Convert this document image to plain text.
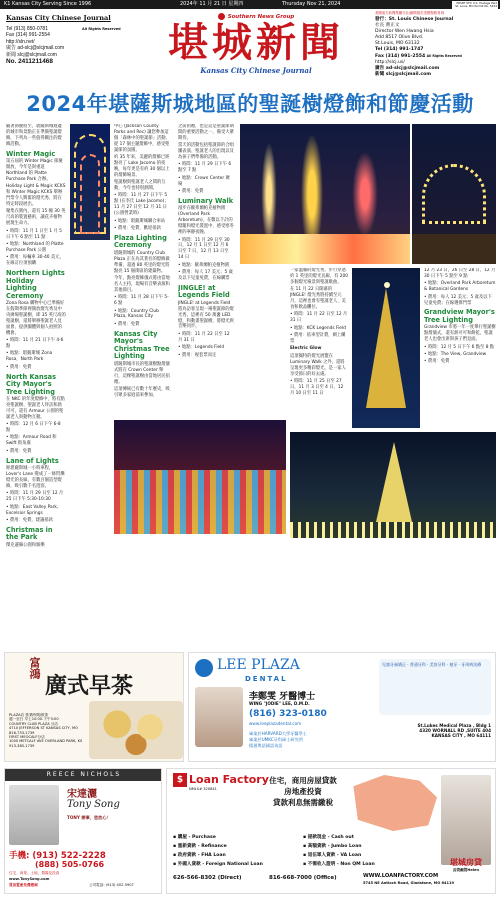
K1 Kansas City Serving Since 1996	2024年 11 月 21 日 星期四	Thursday Nov 21, 2024	PRSRT STD U.S. Postage Paid St. Louis, MO Permit No. 5434
Kansas City Chinese Journal
All Rights Reserved
Tel (913) 850-0781
Fax (314) 991-2554
http://sln.net/
廣告 ad-slcj@slcjmail.com
新聞 slcj@slcjmail.com
No. 2411211468
Southern News Group
堪城新聞
Kansas City Chinese Journal
美國南方新聞集團分社/網路版於美國聖路易城
發行：St. Louis Chinese Journal
社長 蔣正文
Director Wen Hwang Hsia
Add 8517 Olive Blvd.
St.Louis, MO 63132
Tel (314) 991-1747
Fax (314) 991-2554 All Rights Reserved
http://slcj.us/
廣告 ad-slcj@slcjmail.com
新聞 slcj@slcjmail.com
2024年堪薩斯城地區的聖誕樹燈飾和節慶活動

隨著節慶將至，堪薩斯城週邊的城市和景點正在準備聖誕燈飾，下列為一些值得關注的燈飾活動。

Winter Magic

第五屆的 Winter Magic 節慶開放，今年是與重返 Northland 的 Platte Purchase Park 合辦。

Holiday Light & Magic KCKS 和 Winter Magic KCKS 舉辦門票令人興奮的燈光秀，將在特定時段展出。

聚集在園內，還有 15 幢 30 英尺高的裝置藝術，讓花卉植物展現生命力。

• 時間：11 月 1 日至 1 月 5 日下午 6 點至 11 點

• 地點：Northland 的 Platte Purchase Park 公園

• 費用：每輛車 30-40 美元，在線訂位須預購

Northern Lights Holiday Lighting Ceremony

Zona Rosa 購物中心已準備好在假期季節裡開放燈光秀及中央廣場聖誕樹，即 35 英尺高的聖誕樹，還將舉辦聖誕老人見面會，提供團體與個人拍照的機會。

• 時間：11 月 21 日下午 4-6 點

• 地點：堪薩斯城 Zona Rosa，North Park

• 費用：免費

North Kansas City Mayor's Tree Lighting

在 NKC 的年度燈飾中，將有點亮聖誕樹、聖誕老人拜訪和熱可可，還有 Armour 公園的聖誕老人與動物互動。

• 時間：12 月 6 日下午 6-8 點

• 地點：Armour Road 和 Swift 街角處

• 費用：免費

Lane of Lights

距堪薩斯城一小時車程，Lover's Lane 變成了一條閃爍燈光的長廊，有數百個造型燈飾，吸引數千名遊客。

• 時間：11 月 29 日至 12 月 25 日下午 5:30-10:30

• 地點：East Valley Park, Excelsior Springs

• 費用：免費，建議捐款

Christmas in the Park

傑克遜縣公園和娛樂

中心 (Jackson County Parks and Rec) 讓您參加這個「森林中的聖誕節」活動，從 17 個主題燈飾中，感受聖誕節的氛圍。

約 35 年來，美麗的燈飾已經點亮了 Lake Jacomo 的夜晚，每年更是有約 30 個以上的燈飾場景。

聖誕樹與聖誕老人之間的互動，今年也特別熱鬧。

• 時間：11 月 27 日下午 5 點 (在李氏 Lake Jacomo)；11 月 27 日至 12 月 31 日 (公園營業時)

• 地點：堪薩斯城聯合車站

• 費用：免費，歡迎捐款

Plaza Lighting Ceremony

堪薩斯城的 Country Club Plaza 正在為其著名的燈飾做準備，超過 80 英里的燈光將點亮 15 個街區的建築物。

今年，點亮燈飾儀式將由當地名人主持，現場有音樂表演和其他節目。

• 時間：11 月 28 日下午 5-6 點

• 地點：Country Club Plaza, Kansas City

• 費用：免費

Kansas City Mayor's Christmas Tree Lighting

堪薩斯城市長的聖誕樹點燈儀式將在 Crown Center 舉行，這棵聖誕樹由當地居民捐贈。

這項傳統已有數十年歷史，吸引眾多家庭前來參加。

之前捐贈，也是這是聖誕節期間的重要活動之一，備受大眾期待。

當天的活動包括聖誕節的合唱團表演、聖誕老人的出現以及為孩子們準備的活動。

• 時間：11 月 29 日下午 6 點至 7 點

• 地點：Crown Center 廣場

• 費用：免費

Luminary Walk

漫步在歐弗蘭帕克植物園 (Overland Park Arboretum)，在數以千計的燈籠和燈光裝置中，感受寒冬裡的寧靜夜晚。

• 時間：11 月 29 日至 30 日，12 月 1 日至 12 月 6 日至 7 日，12 月 13 日至 14 日

• 地點：歐弗蘭帕克植物園

• 費用：每人 17 美元；5 歲及以下兒童免費，在線購票

JINGLE! at Legends Field

JINGLE! at Legends Field 將為訪客呈現一場聖誕節的燈光秀，這裡有 50 萬盞 LED 燈，和動畫聖誕樹，將燈光與音樂同步。

• 時間：11 月 22 日至 12 月 31 日

• 地點：Legends Field

• 費用：視套票而定

一家溫馨的燈光秀，步行穿過約 1 英里的燈光長廊，有 200 多個燈光場景與聖誕歌曲。

在 11 月 22 日開幕的 JINGLE! 燈光秀將持續至元月，這裡也會有聖誕老人、美食和飲品攤位。

• 時間：11 月 22 日至 12 月 31 日

• 地點：KCK Legends Field

• 費用：依車型計費，網上購票

Electric Glow

這項獨特的燈光展覽在 Luminary Walk 之外，還將呈現更多精彩燈光，是一家人享受節日的好去處。

• 時間：11 月 25 日至 27 日，11 月 3 日至 4 日，12 月 10 日至 11 日

12 月 23 日，26 日至 28 日，12 月 30 日下午 5 點至 9 點

• 地點：Overland Park Arboretum & Botanical Gardens

• 費用：每人 12 美元；5 歲及以下兒童免費；在線選擇門票

Grandview Mayor's Tree Lighting

Grandview 市將一年一度舉行聖誕樹點燈儀式，還有熱可可和餅乾，聖誕老人也會出席與孩子們見面。

• 時間：12 月 5 日下午 6 點至 8 點

• 地點：The View, Grandview

• 費用：免費

富鴻
廣式早茶
PLAZA店 營業時間/飲茶
週一至日 早上10:00-下午3:00
COUNTRY CLUB PLAZA 分店
4710 JEFFERSON ST KANSAS CITY, MO
816-753-1739
FIRST MEOCALF分店
1000 METCALF AVE OVERLAND PARK, KS
913-385-1739
LEE PLAZA
DENTAL
李鄭雯 牙醫博士
WING "JODIE" LEE, D.M.D.
(816) 323-0180
www.leeplazadental.com
畢業於HARVARD大學牙醫學士
畢業於UMKC牙科碩士研究所
精通粵語國語英語
兒童牙齒矯正 · 普通牙科 · 美容牙科 · 植牙 · 牙周病治療
St.Lukes Medical Plaza , Bldg 1
4320 WORNALL RD ,SUITE 404
KANSAS CITY , MO 64111
REECE NICHOLS
宋達灑
Tony Song
TONY 辦事，您放心！
手機: (913) 522-2228
(888) 505-0766
住宅、商業、土地、農場及投資
www.TonySong.com
買房置產免費諮詢	公司電話: (913) 402-5907
$ Loan Factory
NMLS# 320841
住宅，商用房屋貸款
房地產投資
貸款利息無需繳稅
堪城房貸
房貸顧問Helen
▪ 購屋 - Purchase
▪ 重新貸款 - Refinance
▪ 政府貸款 - FHA Loan
▪ 外國人貸款 - Foreign National Loan
▪ 提款現金 - Cash out
▪ 高額貸款 - Jumbo Loan
▪ 退伍軍人貸款 - VA Loan
▪ 不需收入證明 - Non QM Loan
626-566-8302 (Direct)	816-668-7000 (Office)	WWW.LOANFACTORY.COM
5745 NE Antioch Road, Gladstone, MO 64119
